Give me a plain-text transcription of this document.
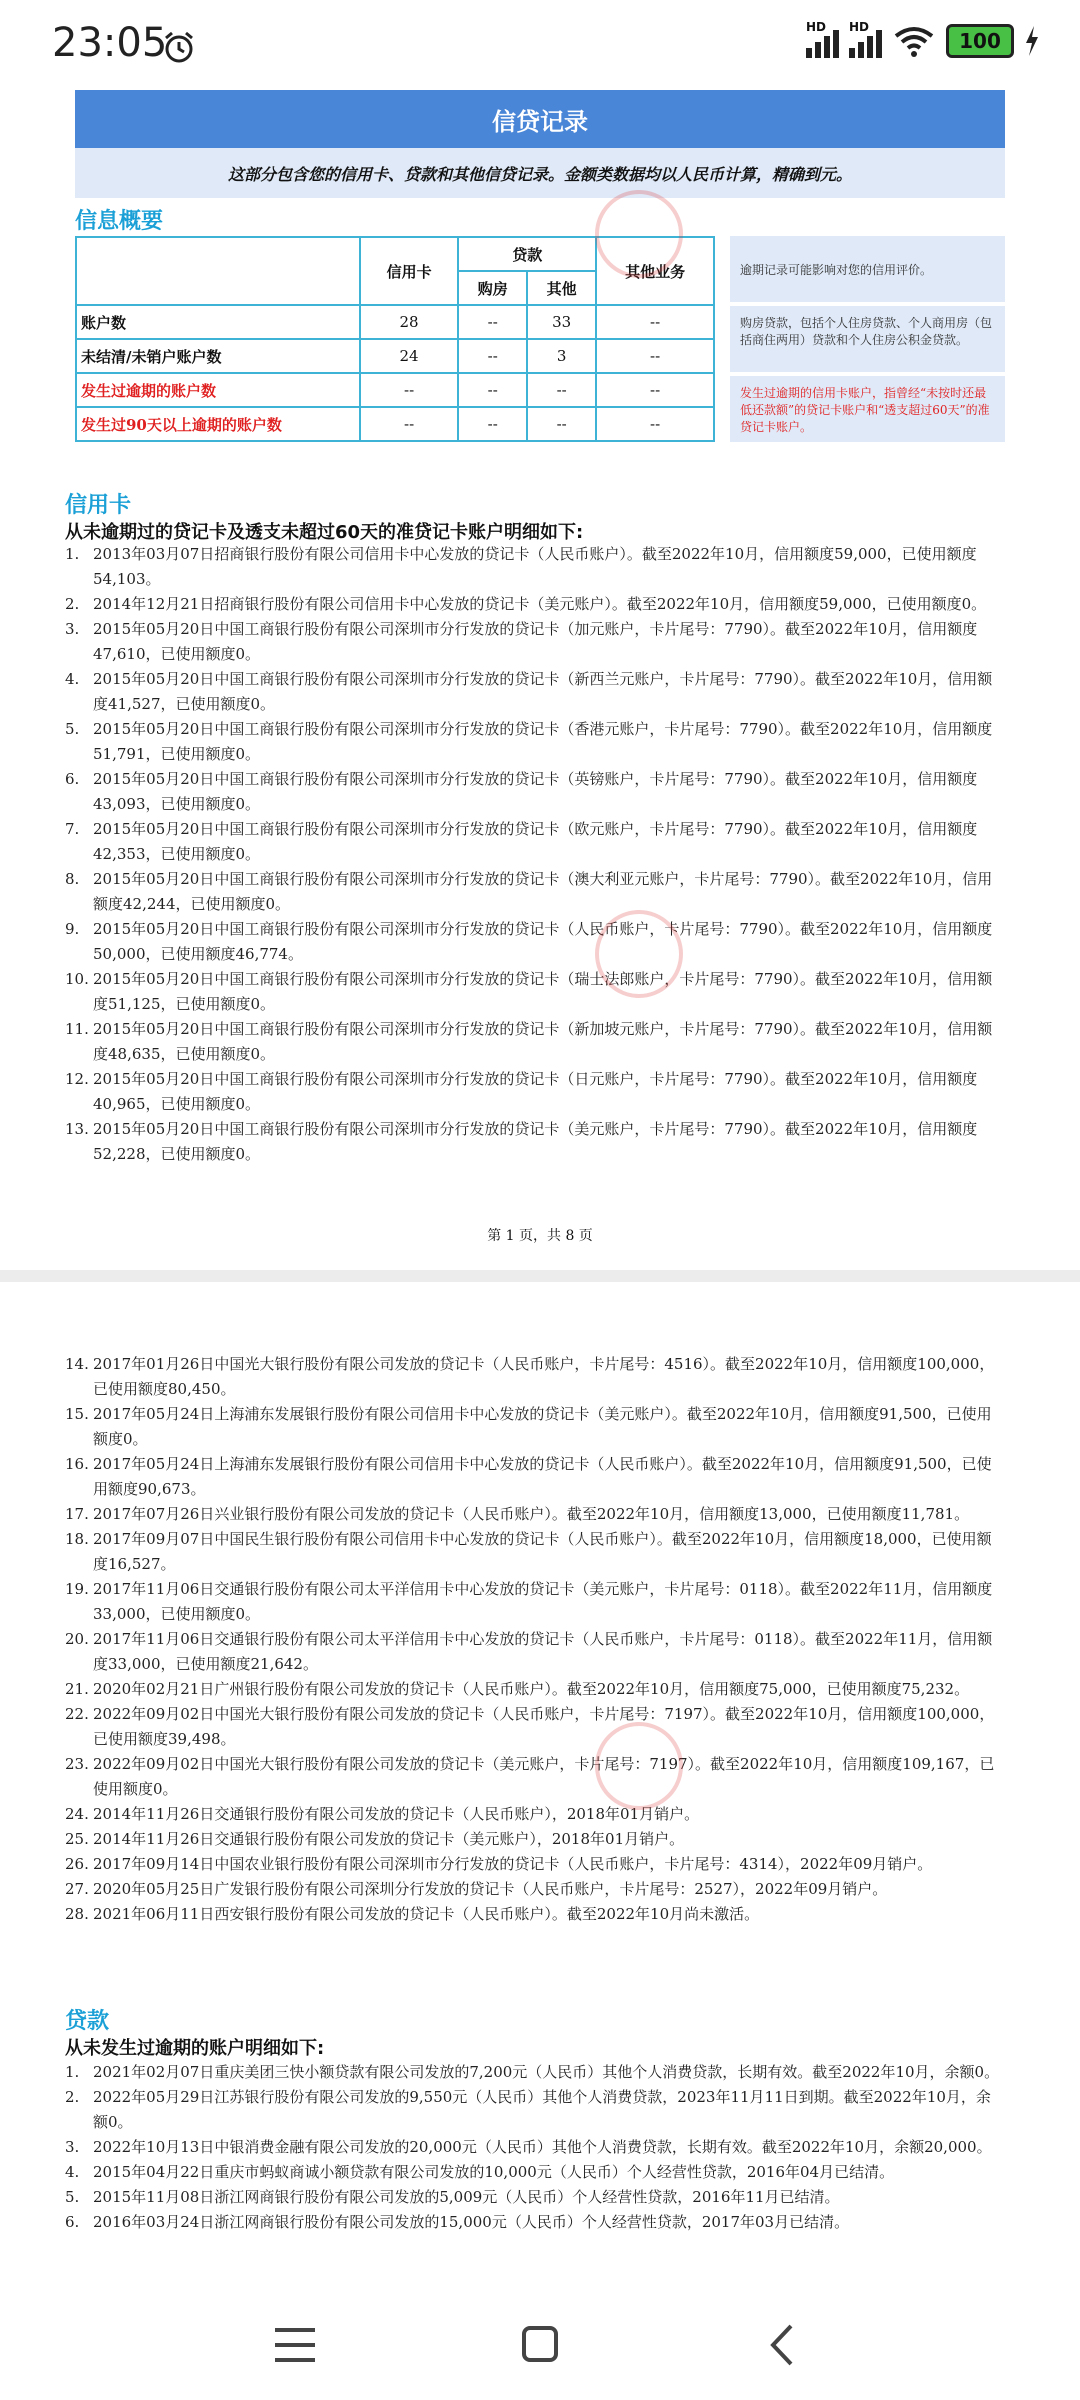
23:05	HD HD
100
信贷记录
这部分包含您的信用卡、贷款和其他信贷记录。金额类数据均以人民币计算，精确到元。
信息概要
	信用卡	贷款		其他业务
		购房	其他	
账户数	28	--	33	--
未结清/未销户账户数	24	--	3	--
发生过逾期的账户数	--	--	--	--
发生过90天以上逾期的账户数	--	--	--	--
逾期记录可能影响对您的信用评价。
购房贷款，包括个人住房贷款、个人商用房（包括商住两用）贷款和个人住房公积金贷款。
发生过逾期的信用卡账户，指曾经“未按时还最低还款额”的贷记卡账户和“透支超过60天”的准贷记卡账户。
信用卡
从未逾期过的贷记卡及透支未超过60天的准贷记卡账户明细如下:
1. 2013年03月07日招商银行股份有限公司信用卡中心发放的贷记卡（人民币账户）。截至2022年10月，信用额度59,000，已使用额度54,103。
2. 2014年12月21日招商银行股份有限公司信用卡中心发放的贷记卡（美元账户）。截至2022年10月，信用额度59,000，已使用额度0。
3. 2015年05月20日中国工商银行股份有限公司深圳市分行发放的贷记卡（加元账户，卡片尾号：7790）。截至2022年10月，信用额度47,610，已使用额度0。
4. 2015年05月20日中国工商银行股份有限公司深圳市分行发放的贷记卡（新西兰元账户，卡片尾号：7790）。截至2022年10月，信用额度41,527，已使用额度0。
5. 2015年05月20日中国工商银行股份有限公司深圳市分行发放的贷记卡（香港元账户，卡片尾号：7790）。截至2022年10月，信用额度51,791，已使用额度0。
6. 2015年05月20日中国工商银行股份有限公司深圳市分行发放的贷记卡（英镑账户，卡片尾号：7790）。截至2022年10月，信用额度43,093，已使用额度0。
7. 2015年05月20日中国工商银行股份有限公司深圳市分行发放的贷记卡（欧元账户，卡片尾号：7790）。截至2022年10月，信用额度42,353，已使用额度0。
8. 2015年05月20日中国工商银行股份有限公司深圳市分行发放的贷记卡（澳大利亚元账户，卡片尾号：7790）。截至2022年10月，信用额度42,244，已使用额度0。
9. 2015年05月20日中国工商银行股份有限公司深圳市分行发放的贷记卡（人民币账户，卡片尾号：7790）。截至2022年10月，信用额度50,000，已使用额度46,774。
10. 2015年05月20日中国工商银行股份有限公司深圳市分行发放的贷记卡（瑞士法郎账户，卡片尾号：7790）。截至2022年10月，信用额度51,125，已使用额度0。
11. 2015年05月20日中国工商银行股份有限公司深圳市分行发放的贷记卡（新加坡元账户，卡片尾号：7790）。截至2022年10月，信用额度48,635，已使用额度0。
12. 2015年05月20日中国工商银行股份有限公司深圳市分行发放的贷记卡（日元账户，卡片尾号：7790）。截至2022年10月，信用额度40,965，已使用额度0。
13. 2015年05月20日中国工商银行股份有限公司深圳市分行发放的贷记卡（美元账户，卡片尾号：7790）。截至2022年10月，信用额度52,228，已使用额度0。
第 1 页，共 8 页
14. 2017年01月26日中国光大银行股份有限公司发放的贷记卡（人民币账户，卡片尾号：4516）。截至2022年10月，信用额度100,000，已使用额度80,450。
15. 2017年05月24日上海浦东发展银行股份有限公司信用卡中心发放的贷记卡（美元账户）。截至2022年10月，信用额度91,500，已使用额度0。
16. 2017年05月24日上海浦东发展银行股份有限公司信用卡中心发放的贷记卡（人民币账户）。截至2022年10月，信用额度91,500，已使用额度90,673。
17. 2017年07月26日兴业银行股份有限公司发放的贷记卡（人民币账户）。截至2022年10月，信用额度13,000，已使用额度11,781。
18. 2017年09月07日中国民生银行股份有限公司信用卡中心发放的贷记卡（人民币账户）。截至2022年10月，信用额度18,000，已使用额度16,527。
19. 2017年11月06日交通银行股份有限公司太平洋信用卡中心发放的贷记卡（美元账户，卡片尾号：0118）。截至2022年11月，信用额度33,000，已使用额度0。
20. 2017年11月06日交通银行股份有限公司太平洋信用卡中心发放的贷记卡（人民币账户，卡片尾号：0118）。截至2022年11月，信用额度33,000，已使用额度21,642。
21. 2020年02月21日广州银行股份有限公司发放的贷记卡（人民币账户）。截至2022年10月，信用额度75,000，已使用额度75,232。
22. 2022年09月02日中国光大银行股份有限公司发放的贷记卡（人民币账户，卡片尾号：7197）。截至2022年10月，信用额度100,000，已使用额度39,498。
23. 2022年09月02日中国光大银行股份有限公司发放的贷记卡（美元账户，卡片尾号：7197）。截至2022年10月，信用额度109,167，已使用额度0。
24. 2014年11月26日交通银行股份有限公司发放的贷记卡（人民币账户），2018年01月销户。
25. 2014年11月26日交通银行股份有限公司发放的贷记卡（美元账户），2018年01月销户。
26. 2017年09月14日中国农业银行股份有限公司深圳市分行发放的贷记卡（人民币账户，卡片尾号：4314），2022年09月销户。
27. 2020年05月25日广发银行股份有限公司深圳分行发放的贷记卡（人民币账户，卡片尾号：2527），2022年09月销户。
28. 2021年06月11日西安银行股份有限公司发放的贷记卡（人民币账户）。截至2022年10月尚未激活。
贷款
从未发生过逾期的账户明细如下:
1. 2021年02月07日重庆美团三快小额贷款有限公司发放的7,200元（人民币）其他个人消费贷款，长期有效。截至2022年10月，余额0。
2. 2022年05月29日江苏银行股份有限公司发放的9,550元（人民币）其他个人消费贷款，2023年11月11日到期。截至2022年10月，余额0。
3. 2022年10月13日中银消费金融有限公司发放的20,000元（人民币）其他个人消费贷款，长期有效。截至2022年10月，余额20,000。
4. 2015年04月22日重庆市蚂蚁商诚小额贷款有限公司发放的10,000元（人民币）个人经营性贷款，2016年04月已结清。
5. 2015年11月08日浙江网商银行股份有限公司发放的5,009元（人民币）个人经营性贷款，2016年11月已结清。
6. 2016年03月24日浙江网商银行股份有限公司发放的15,000元（人民币）个人经营性贷款，2017年03月已结清。
